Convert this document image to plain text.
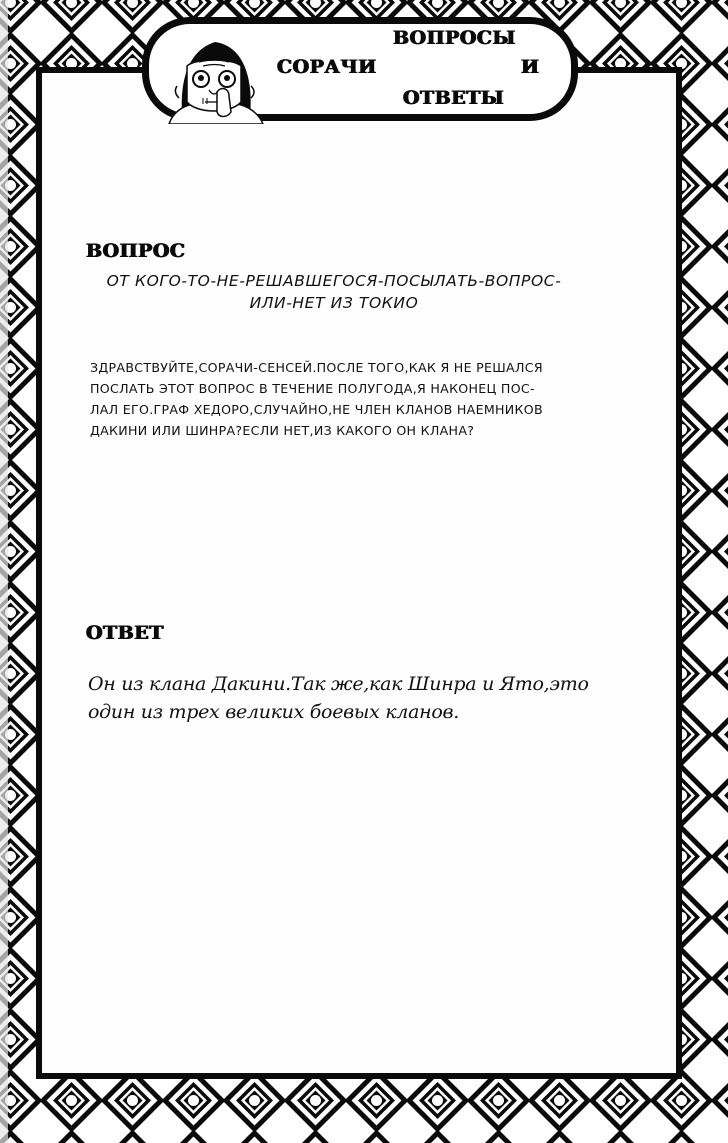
СОРАЧИ
ВОПРОСЫ
И
ОТВЕТЫ
ВОПРОС
ОТ КОГО-ТО-НЕ-РЕШАВШЕГОСЯ-ПОСЫЛАТЬ-ВОПРОС-
ИЛИ-НЕТ ИЗ ТОКИО
ЗДРАВСТВУЙТЕ,СОРАЧИ-СЕНСЕЙ.ПОСЛЕ ТОГО,КАК Я НЕ РЕШАЛСЯ
ПОСЛАТЬ ЭТОТ ВОПРОС В ТЕЧЕНИЕ ПОЛУГОДА,Я НАКОНЕЦ ПОС-
ЛАЛ ЕГО.ГРАФ ХЕДОРО,СЛУЧАЙНО,НЕ ЧЛЕН КЛАНОВ НАЕМНИКОВ
ДАКИНИ ИЛИ ШИНРА?ЕСЛИ НЕТ,ИЗ КАКОГО ОН КЛАНА?
ОТВЕТ
Он из клана Дакини.Так же,как Шинра и Ято,это
один из трех великих боевых кланов.
